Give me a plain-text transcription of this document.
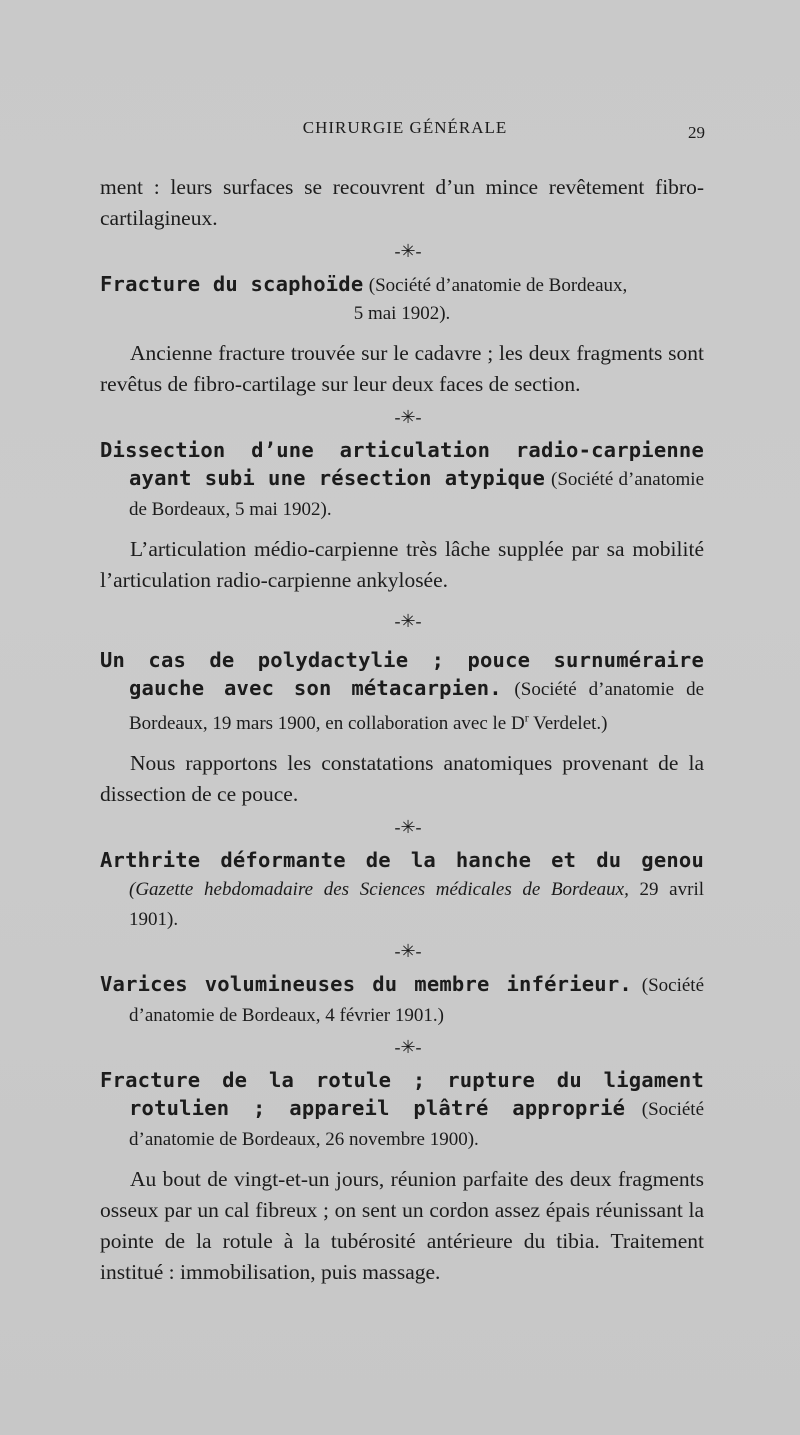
CHIRURGIE GÉNÉRALE	29

ment : leurs surfaces se recouvrent d’un mince revêtement fibro-cartilagineux.

-✳-

Fracture du scaphoïde (Société d’anatomie de Bordeaux,
5 mai 1902).

Ancienne fracture trouvée sur le cadavre ; les deux fragments sont revêtus de fibro-cartilage sur leur deux faces de section.

-✳-

Dissection d’une articulation radio-carpienne ayant subi une résection atypique (Société d’anatomie de Bordeaux, 5 mai 1902).

L’articulation médio-carpienne très lâche supplée par sa mobilité l’articulation radio-carpienne ankylosée.

-✳-

Un cas de polydactylie ; pouce surnuméraire gauche avec son métacarpien. (Société d’anatomie de Bordeaux, 19 mars 1900, en collaboration avec le $D^r$ Verdelet.)

Nous rapportons les constatations anatomiques provenant de la dissection de ce pouce.

-✳-

Arthrite déformante de la hanche et du genou (Gazette hebdomadaire des Sciences médicales de Bordeaux, 29 avril 1901).

-✳-

Varices volumineuses du membre inférieur. (Société d’anatomie de Bordeaux, 4 février 1901.)

-✳-

Fracture de la rotule ; rupture du ligament rotulien ; appareil plâtré approprié (Société d’anatomie de Bordeaux, 26 novembre 1900).

Au bout de vingt-et-un jours, réunion parfaite des deux fragments osseux par un cal fibreux ; on sent un cordon assez épais réunissant la pointe de la rotule à la tubérosité antérieure du tibia. Traitement institué : immobilisation, puis massage.
